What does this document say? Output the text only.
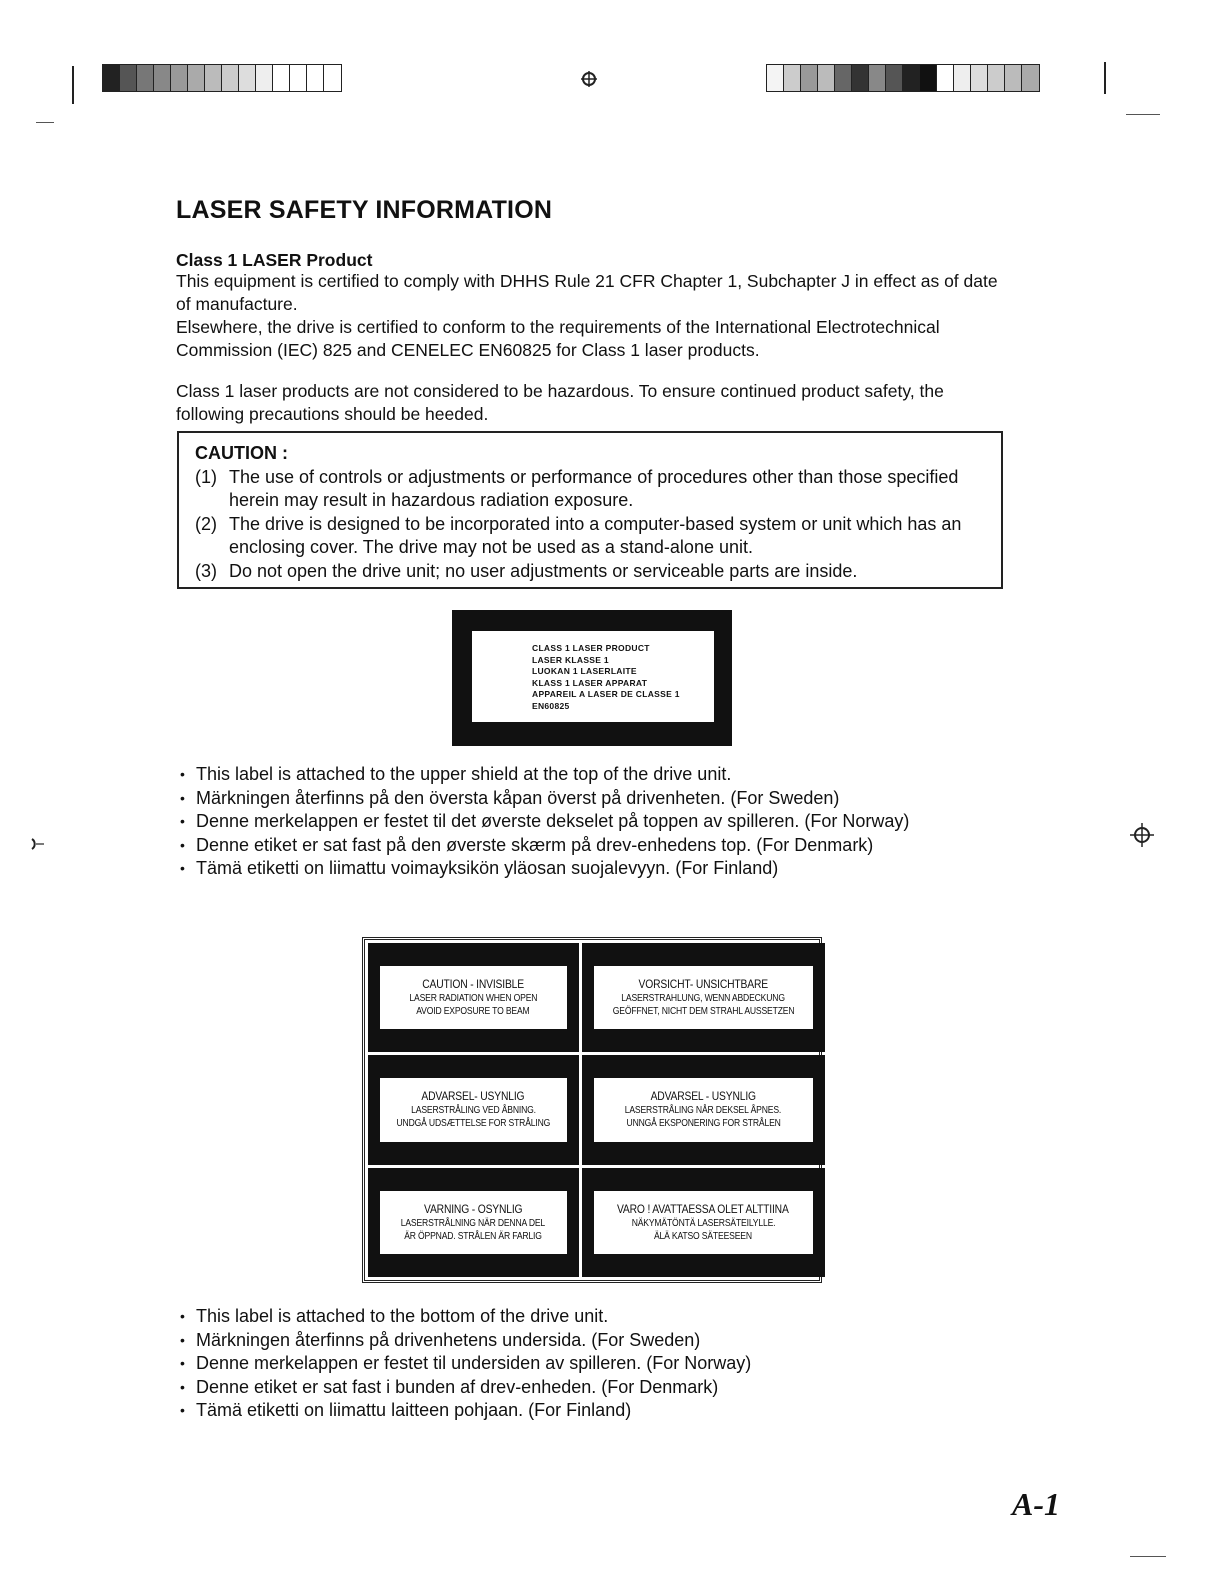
LASER SAFETY INFORMATION
Class 1 LASER Product
This equipment is certified to comply with DHHS Rule 21 CFR Chapter 1, Subchapter J in effect as of date of manufacture.
Elsewhere, the drive is certified to conform to the requirements of the International Electrotechnical Commission (IEC) 825 and CENELEC EN60825 for Class 1 laser products.
Class 1 laser products are not considered to be hazardous. To ensure continued product safety, the following precautions should be heeded.
CAUTION :
(1) The use of controls or adjustments or performance of procedures other than those specified herein may result in hazardous radiation exposure.
(2) The drive is designed to be incorporated into a computer-based system or unit which has an enclosing cover. The drive may not be used as a stand-alone unit.
(3) Do not open the drive unit; no user adjustments or serviceable parts are inside.
CLASS 1 LASER PRODUCT
LASER KLASSE 1
LUOKAN 1 LASERLAITE
KLASS 1 LASER APPARAT
APPAREIL A LASER DE CLASSE 1
EN60825
• This label is attached to the upper shield at the top of the drive unit.
• Märkningen återfinns på den översta kåpan överst på drivenheten. (For Sweden)
• Denne merkelappen er festet til det øverste dekselet på toppen av spilleren. (For Norway)
• Denne etiket er sat fast på den øverste skærm på drev-enhedens top. (For Denmark)
• Tämä etiketti on liimattu voimayksikön yläosan suojalevyyn. (For Finland)
CAUTION - INVISIBLE
LASER RADIATION WHEN OPEN
AVOID EXPOSURE TO BEAM
VORSICHT- UNSICHTBARE
LASERSTRAHLUNG, WENN ABDECKUNG
GEÖFFNET, NICHT DEM STRAHL AUSSETZEN
ADVARSEL- USYNLIG
LASERSTRÅLING VED ÅBNING.
UNDGÅ UDSÆTTELSE FOR STRÅLING
ADVARSEL - USYNLIG
LASERSTRÅLING NÅR DEKSEL ÅPNES.
UNNGÅ EKSPONERING FOR STRÅLEN
VARNING - OSYNLIG
LASERSTRÅLNING NÄR DENNA DEL
ÄR ÖPPNAD. STRÅLEN ÄR FARLIG
VARO ! AVATTAESSA OLET ALTTIINA
NÄKYMÄTÖNTÄ LASERSÄTEILYLLE.
ÄLÄ KATSO SÄTEESEEN
• This label is attached to the bottom of the drive unit.
• Märkningen återfinns på drivenhetens undersida. (For Sweden)
• Denne merkelappen er festet til undersiden av spilleren. (For Norway)
• Denne etiket er sat fast i bunden af drev-enheden. (For Denmark)
• Tämä etiketti on liimattu laitteen pohjaan. (For Finland)
A-1
